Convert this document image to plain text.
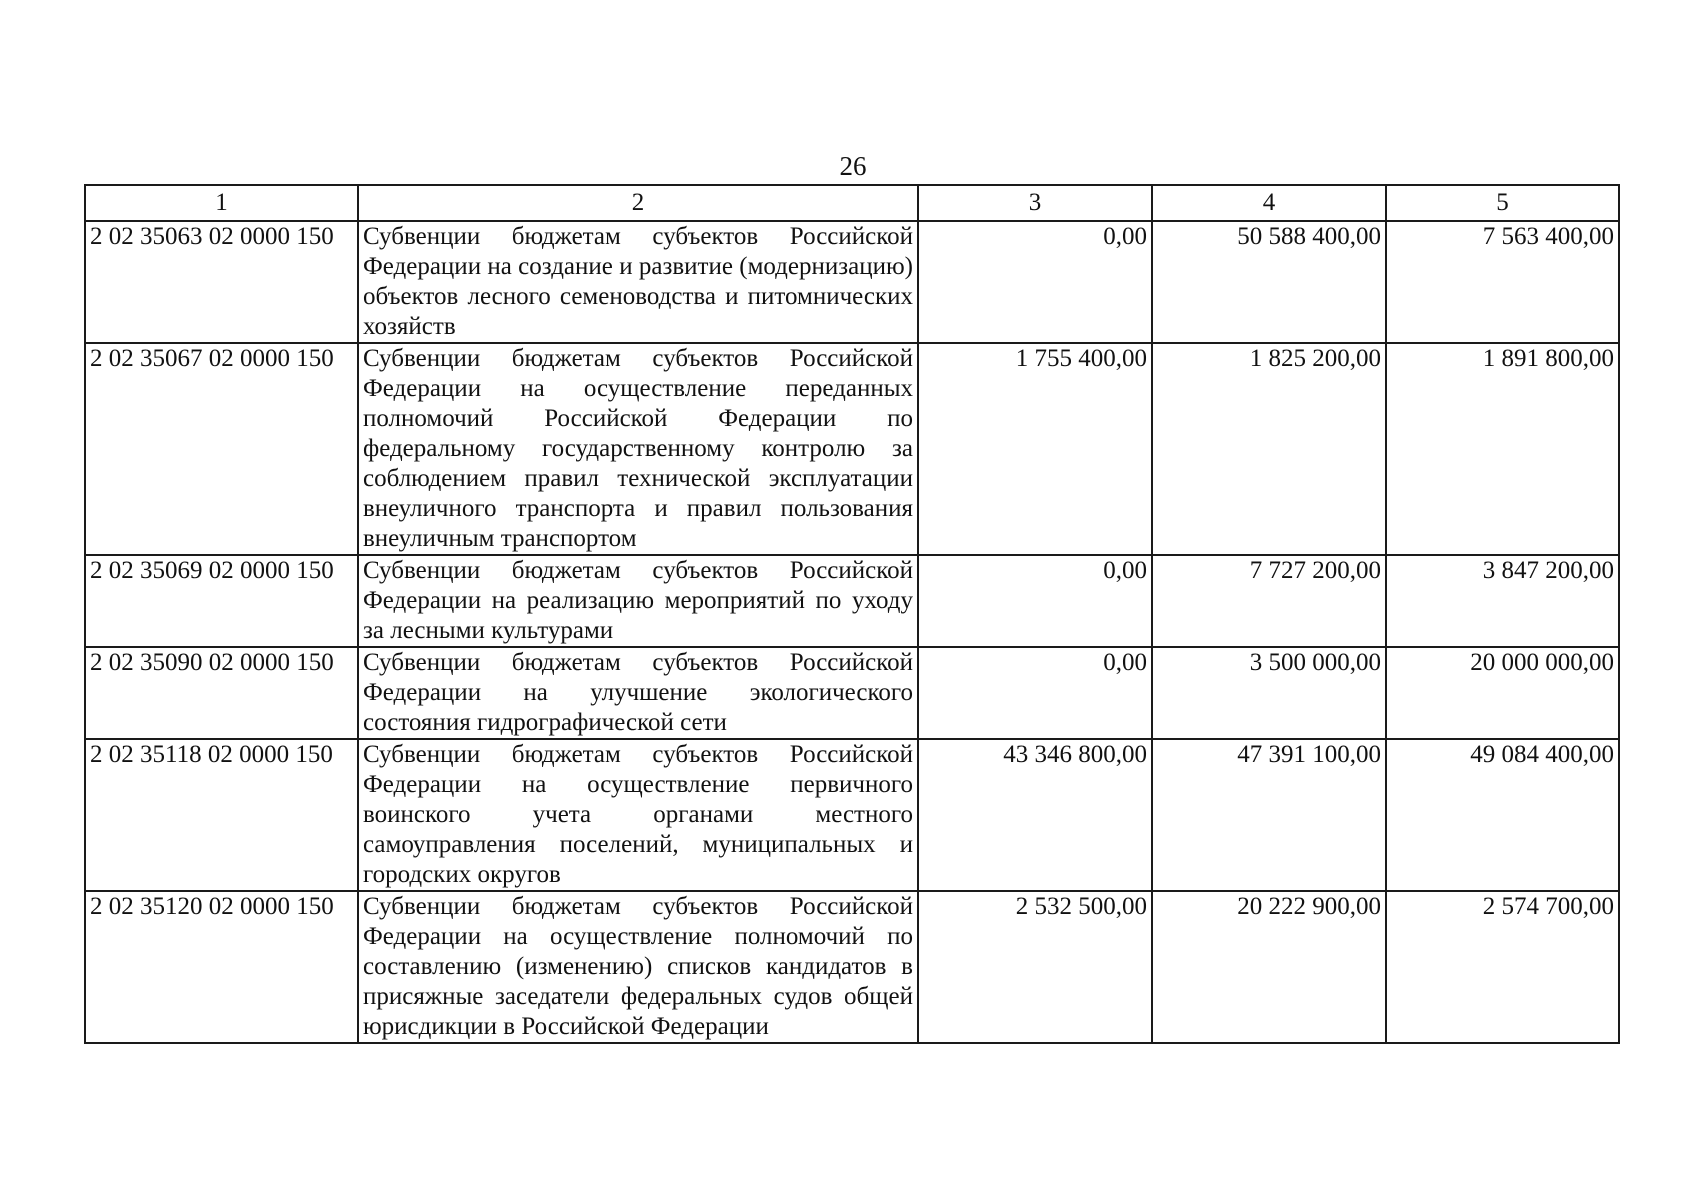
26
1	2	3	4	5
2 02 35063 02 0000 150	Субвенции бюджетам субъектов Российской Федерации на создание и развитие (модернизацию) объектов лесного семеноводства и питомнических хозяйств	0,00	50 588 400,00	7 563 400,00
2 02 35067 02 0000 150	Субвенции бюджетам субъектов Российской Федерации на осуществление переданных полномочий Российской Федерации по федеральному государственному контролю за соблюдением правил технической эксплуатации внеуличного транспорта и правил пользования внеуличным транспортом	1 755 400,00	1 825 200,00	1 891 800,00
2 02 35069 02 0000 150	Субвенции бюджетам субъектов Российской Федерации на реализацию мероприятий по уходу за лесными культурами	0,00	7 727 200,00	3 847 200,00
2 02 35090 02 0000 150	Субвенции бюджетам субъектов Российской Федерации на улучшение экологического состояния гидрографической сети	0,00	3 500 000,00	20 000 000,00
2 02 35118 02 0000 150	Субвенции бюджетам субъектов Российской Федерации на осуществление первичного воинского учета органами местного самоуправления поселений, муниципальных и городских округов	43 346 800,00	47 391 100,00	49 084 400,00
2 02 35120 02 0000 150	Субвенции бюджетам субъектов Российской Федерации на осуществление полномочий по составлению (изменению) списков кандидатов в присяжные заседатели федеральных судов общей юрисдикции в Российской Федерации	2 532 500,00	20 222 900,00	2 574 700,00
